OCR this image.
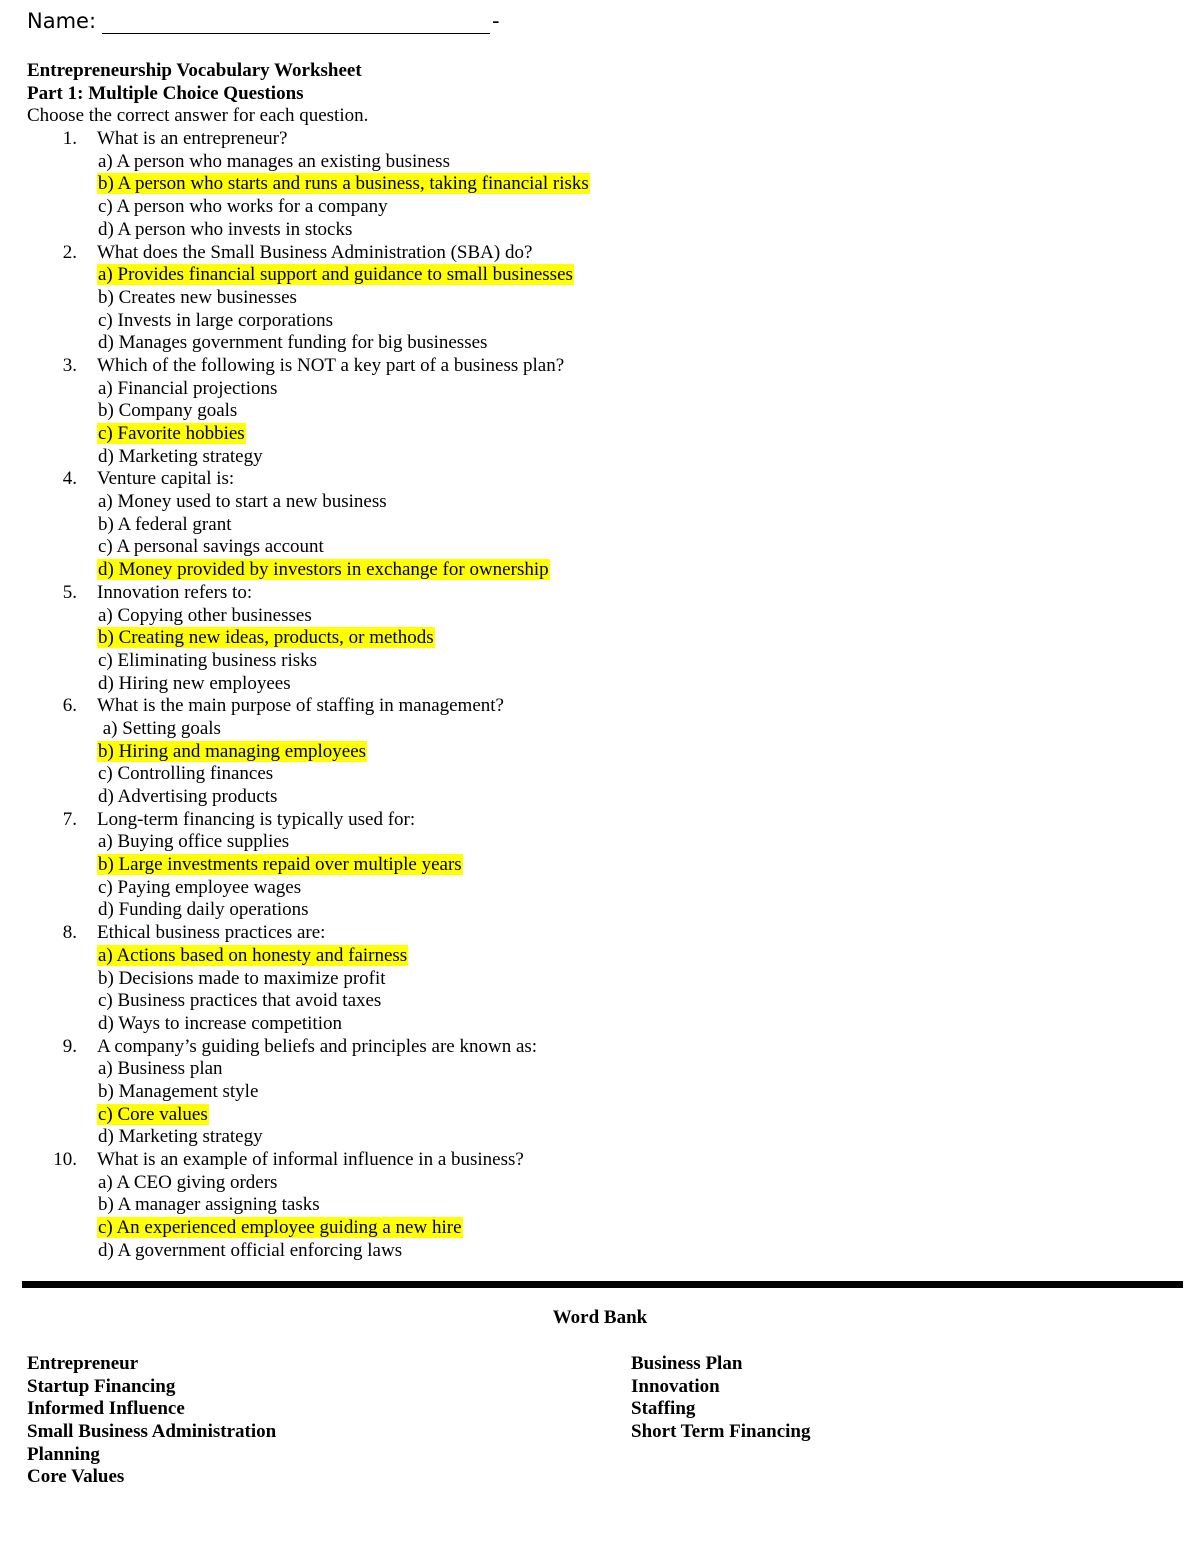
Name:	-
Entrepreneurship Vocabulary Worksheet
Part 1: Multiple Choice Questions
Choose the correct answer for each question.
1. What is an entrepreneur?
a) A person who manages an existing business
b) A person who starts and runs a business, taking financial risks
c) A person who works for a company
d) A person who invests in stocks
2. What does the Small Business Administration (SBA) do?
a) Provides financial support and guidance to small businesses
b) Creates new businesses
c) Invests in large corporations
d) Manages government funding for big businesses
3. Which of the following is NOT a key part of a business plan?
a) Financial projections
b) Company goals
c) Favorite hobbies
d) Marketing strategy
4. Venture capital is:
a) Money used to start a new business
b) A federal grant
c) A personal savings account
d) Money provided by investors in exchange for ownership
5. Innovation refers to:
a) Copying other businesses
b) Creating new ideas, products, or methods
c) Eliminating business risks
d) Hiring new employees
6. What is the main purpose of staffing in management?
a) Setting goals
b) Hiring and managing employees
c) Controlling finances
d) Advertising products
7. Long-term financing is typically used for:
a) Buying office supplies
b) Large investments repaid over multiple years
c) Paying employee wages
d) Funding daily operations
8. Ethical business practices are:
a) Actions based on honesty and fairness
b) Decisions made to maximize profit
c) Business practices that avoid taxes
d) Ways to increase competition
9. A company’s guiding beliefs and principles are known as:
a) Business plan
b) Management style
c) Core values
d) Marketing strategy
10. What is an example of informal influence in a business?
a) A CEO giving orders
b) A manager assigning tasks
c) An experienced employee guiding a new hire
d) A government official enforcing laws
Word Bank
Entrepreneur
Startup Financing
Informed Influence
Small Business Administration
Planning
Core Values
Business Plan
Innovation
Staffing
Short Term Financing
